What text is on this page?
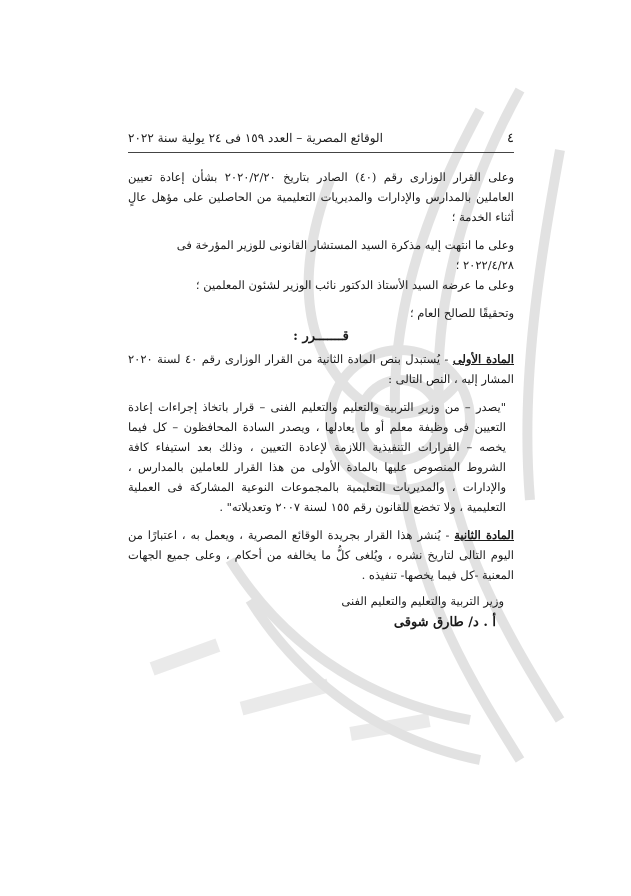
٤
الوقائع المصرية – العدد ١٥٩ فى ٢٤ يولية سنة ٢٠٢٢

وعلى القرار الوزارى رقم (٤٠) الصادر بتاريخ ٢٠٢٠/٢/٢٠ بشأن إعادة تعيين العاملين بالمدارس والإدارات والمديريات التعليمية من الحاصلين على مؤهل عالٍ أثناء الخدمة ؛

وعلى ما انتهت إليه مذكرة السيد المستشار القانونى للوزير المؤرخة فى ٢٠٢٢/٤/٢٨ ؛

وعلى ما عرضه السيد الأستاذ الدكتور نائب الوزير لشئون المعلمين ؛

وتحقيقًا للصالح العام ؛

قـــــــرر :

المادة الأولى - يُستبدل بنص المادة الثانية من القرار الوزارى رقم ٤٠ لسنة ٢٠٢٠ المشار إليه ، النص التالى :

"يصدر – من وزير التربية والتعليم والتعليم الفنى – قرار باتخاذ إجراءات إعادة التعيين فى وظيفة معلم أو ما يعادلها ، ويصدر السادة المحافظون – كل فيما يخصه – القرارات التنفيذية اللازمة لإعادة التعيين ، وذلك بعد استيفاء كافة الشروط المنصوص عليها بالمادة الأولى من هذا القرار للعاملين بالمدارس ، والإدارات ، والمديريات التعليمية بالمجموعات النوعية المشاركة فى العملية التعليمية ، ولا تخضع للقانون رقم ١٥٥ لسنة ٢٠٠٧ وتعديلاته" .

المادة الثانية - يُنشر هذا القرار بجريدة الوقائع المصرية ، ويعمل به ، اعتبارًا من اليوم التالى لتاريخ نشره ، ويُلغى كلُّ ما يخالفه من أحكام ، وعلى جميع الجهات المعنية -كل فيما يخصها- تنفيذه .

وزير التربية والتعليم والتعليم الفنى
أ . د/ طارق شوقى
